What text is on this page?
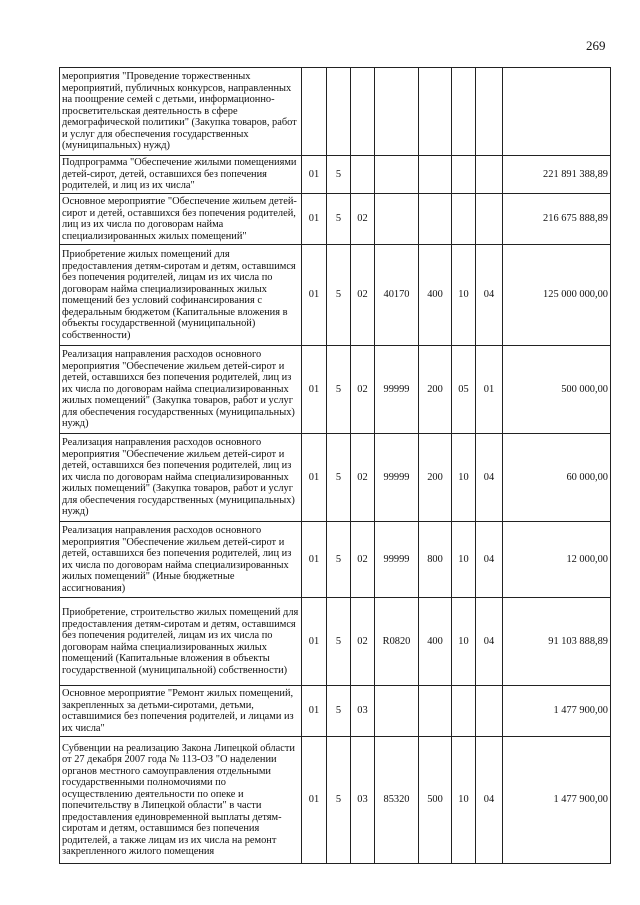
269
мероприятия "Проведение торжественных мероприятий, публичных конкурсов, направленных на поощрение семей с детьми, информационно-просветительская деятельность в сфере демографической политики" (Закупка товаров, работ и услуг для обеспечения государственных (муниципальных) нужд)								
Подпрограмма "Обеспечение жилыми помещениями детей-сирот, детей, оставшихся без попечения родителей, и лиц из их числа"	01	5						221 891 388,89
Основное мероприятие "Обеспечение жильем детей-сирот и детей, оставшихся без попечения родителей, лиц из их числа по договорам найма специализированных жилых помещений"	01	5	02					216 675 888,89
Приобретение жилых помещений для предоставления детям-сиротам и детям, оставшимся без попечения родителей, лицам из их числа по договорам найма специализированных жилых помещений без условий софинансирования с федеральным бюджетом (Капитальные вложения в объекты государственной (муниципальной) собственности)	01	5	02	40170	400	10	04	125 000 000,00
Реализация направления расходов основного мероприятия "Обеспечение жильем детей-сирот и детей, оставшихся без попечения родителей, лиц из их числа по договорам найма специализированных жилых помещений" (Закупка товаров, работ и услуг для обеспечения государственных (муниципальных) нужд)	01	5	02	99999	200	05	01	500 000,00
Реализация направления расходов основного мероприятия "Обеспечение жильем детей-сирот и детей, оставшихся без попечения родителей, лиц из их числа по договорам найма специализированных жилых помещений" (Закупка товаров, работ и услуг для обеспечения государственных (муниципальных) нужд)	01	5	02	99999	200	10	04	60 000,00
Реализация направления расходов основного мероприятия "Обеспечение жильем детей-сирот и детей, оставшихся без попечения родителей, лиц из их числа по договорам найма специализированных жилых помещений" (Иные бюджетные ассигнования)	01	5	02	99999	800	10	04	12 000,00
Приобретение, строительство жилых помещений для предоставления детям-сиротам и детям, оставшимся без попечения родителей, лицам из их числа по договорам найма специализированных жилых помещений (Капитальные вложения в объекты государственной (муниципальной) собственности)	01	5	02	R0820	400	10	04	91 103 888,89
Основное мероприятие "Ремонт жилых помещений, закрепленных за детьми-сиротами, детьми, оставшимися без попечения родителей, и лицами из их числа"	01	5	03					1 477 900,00
Субвенции на реализацию Закона Липецкой области от 27 декабря 2007 года № 113-ОЗ "О наделении органов местного самоуправления отдельными государственными полномочиями по осуществлению деятельности по опеке и попечительству в Липецкой области" в части предоставления единовременной выплаты детям-сиротам и детям, оставшимся без попечения родителей, а также лицам из их числа на ремонт закрепленного жилого помещения	01	5	03	85320	500	10	04	1 477 900,00
